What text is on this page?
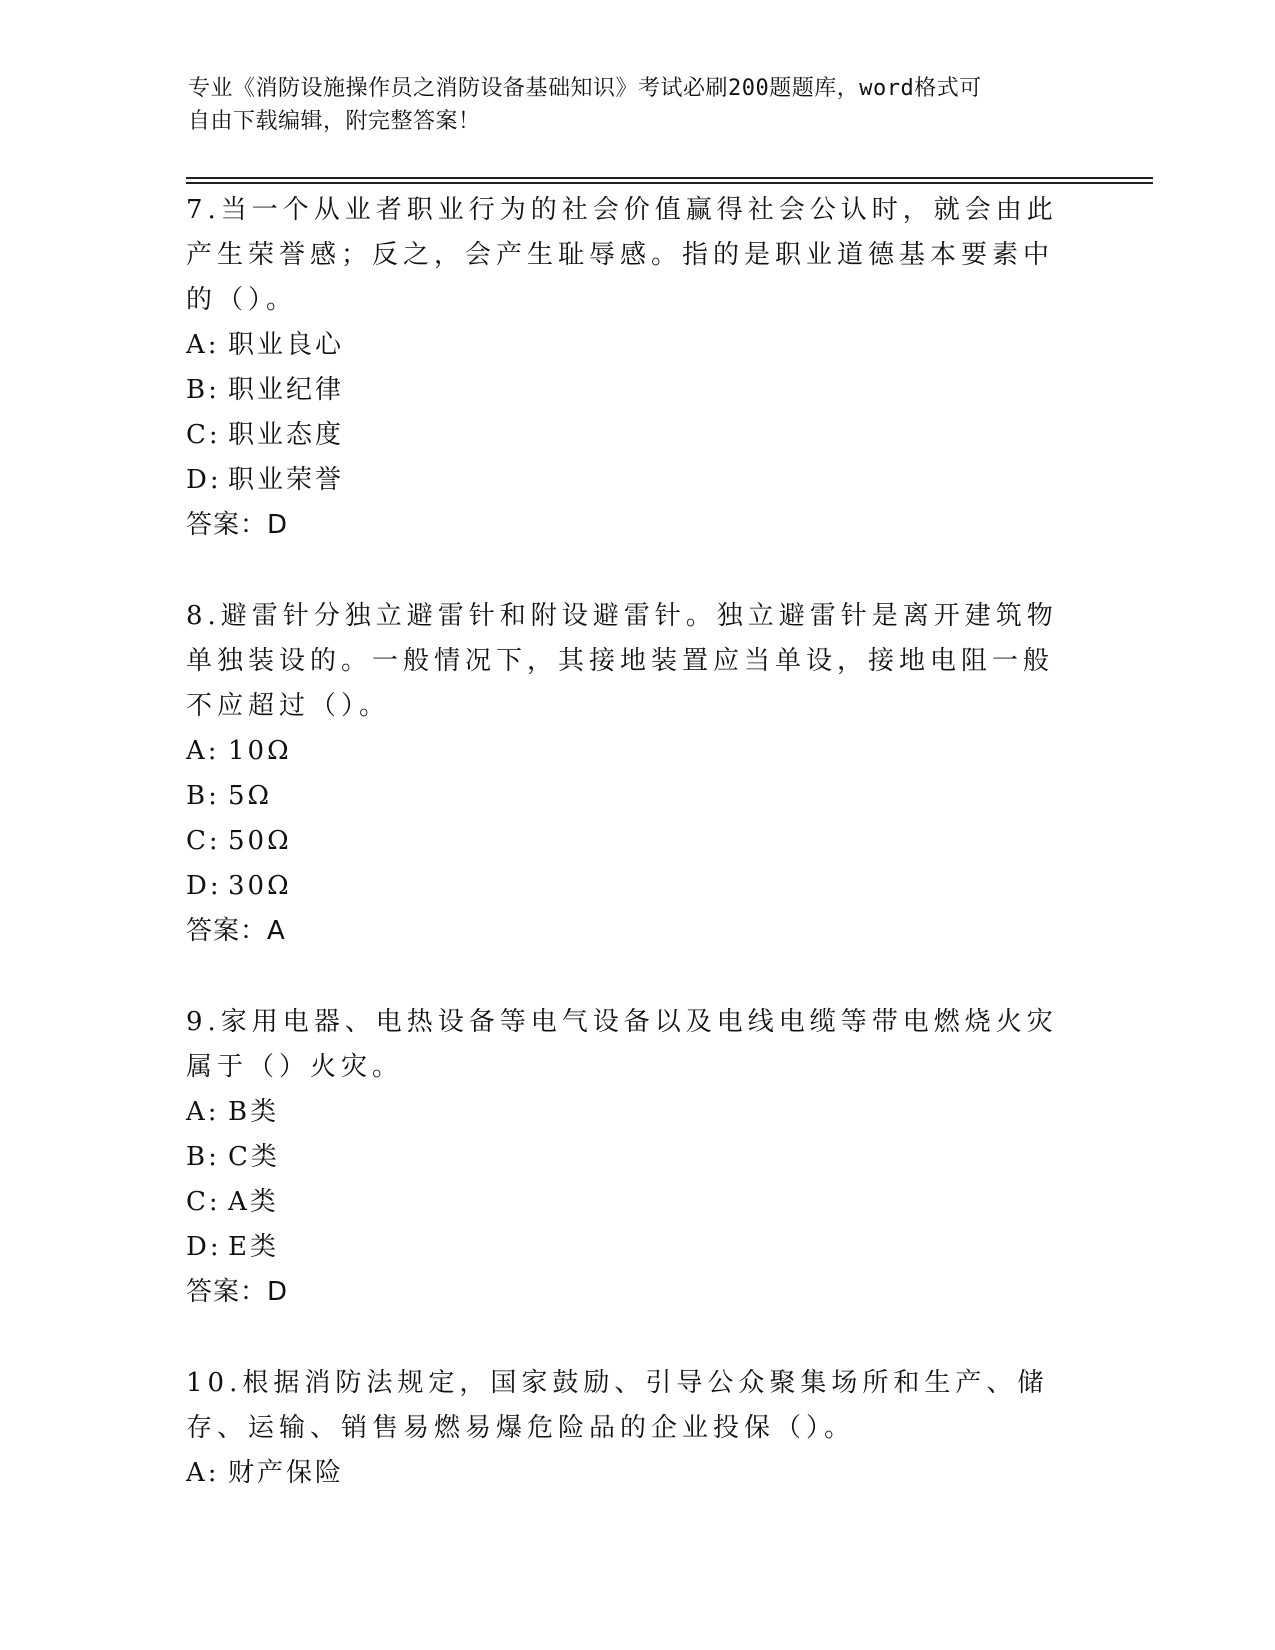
专业《消防设施操作员之消防设备基础知识》考试必刷200题题库，word格式可
自由下载编辑，附完整答案！
7.当一个从业者职业行为的社会价值赢得社会公认时，就会由此产生荣誉感；反之，会产生耻辱感。指的是职业道德基本要素中的（）。
A: 职业良心
B: 职业纪律
C: 职业态度
D: 职业荣誉
答案：D
8.避雷针分独立避雷针和附设避雷针。独立避雷针是离开建筑物单独装设的。一般情况下，其接地装置应当单设，接地电阻一般不应超过（）。
A: 10Ω
B: 5Ω
C: 50Ω
D: 30Ω
答案：A
9.家用电器、电热设备等电气设备以及电线电缆等带电燃烧火灾属于（）火灾。
A: B类
B: C类
C: A类
D: E类
答案：D
10.根据消防法规定，国家鼓励、引导公众聚集场所和生产、储存、运输、销售易燃易爆危险品的企业投保（）。
A: 财产保险
